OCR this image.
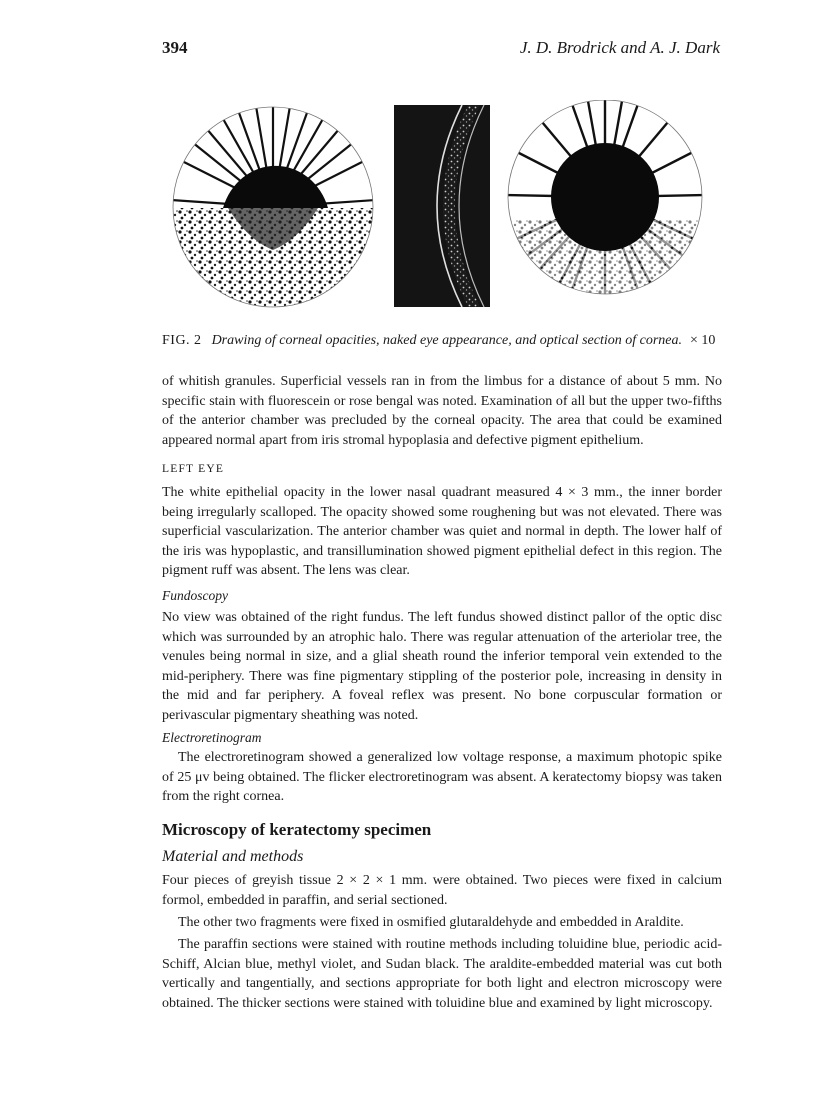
394	J. D. Brodrick and A. J. Dark
FIG. 2 Drawing of corneal opacities, naked eye appearance, and optical section of cornea. × 10

of whitish granules. Superficial vessels ran in from the limbus for a distance of about 5 mm. No specific stain with fluorescein or rose bengal was noted. Examination of all but the upper two-fifths of the anterior chamber was precluded by the corneal opacity. The area that could be examined appeared normal apart from iris stromal hypoplasia and defective pigment epithelium.

LEFT EYE

The white epithelial opacity in the lower nasal quadrant measured 4 × 3 mm., the inner border being irregularly scalloped. The opacity showed some roughening but was not elevated. There was superficial vascularization. The anterior chamber was quiet and normal in depth. The lower half of the iris was hypoplastic, and transillumination showed pigment epithelial defect in this region. The pigment ruff was absent. The lens was clear.

Fundoscopy

No view was obtained of the right fundus. The left fundus showed distinct pallor of the optic disc which was surrounded by an atrophic halo. There was regular attenuation of the arteriolar tree, the venules being normal in size, and a glial sheath round the inferior temporal vein extended to the mid-periphery. There was fine pigmentary stippling of the posterior pole, increasing in density in the mid and far periphery. A foveal reflex was present. No bone corpuscular formation or perivascular pigmentary sheathing was noted.

Electroretinogram

The electroretinogram showed a generalized low voltage response, a maximum photopic spike of 25 μv being obtained. The flicker electroretinogram was absent. A keratectomy biopsy was taken from the right cornea.

Microscopy of keratectomy specimen
Material and methods

Four pieces of greyish tissue 2 × 2 × 1 mm. were obtained. Two pieces were fixed in calcium formol, embedded in paraffin, and serial sectioned.

The other two fragments were fixed in osmified glutaraldehyde and embedded in Araldite.

The paraffin sections were stained with routine methods including toluidine blue, periodic acid-Schiff, Alcian blue, methyl violet, and Sudan black. The araldite-embedded material was cut both vertically and tangentially, and sections appropriate for both light and electron microscopy were obtained. The thicker sections were stained with toluidine blue and examined by light microscopy.
